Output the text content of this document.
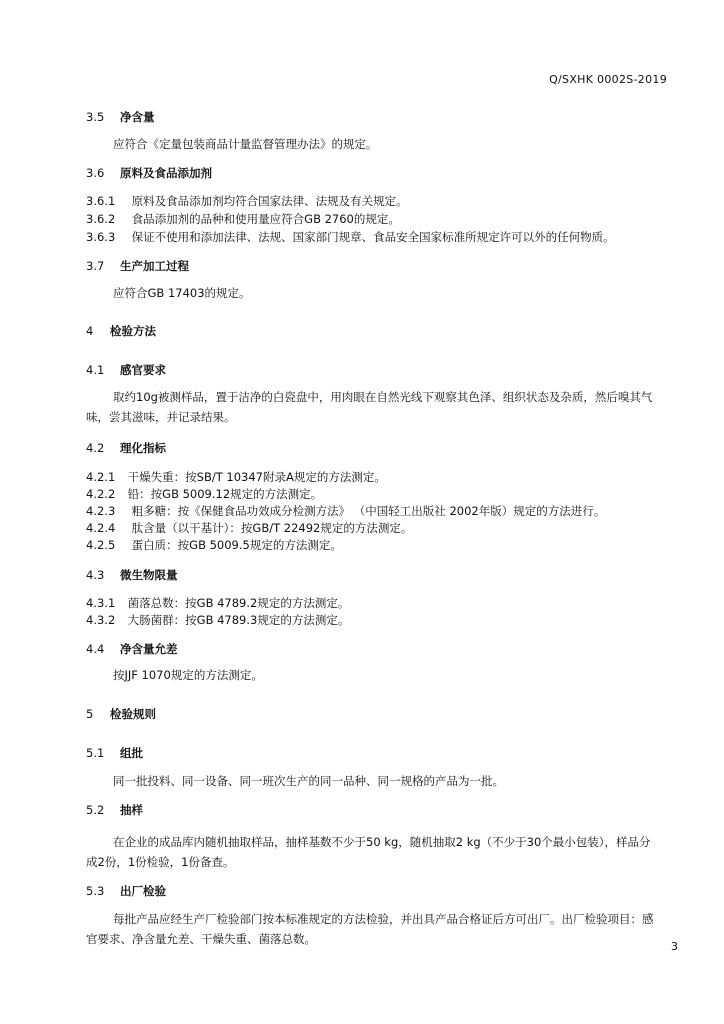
Q/SXHK 0002S-2019
3.5 净含量
应符合《定量包装商品计量监督管理办法》的规定。
3.6 原料及食品添加剂
3.6.1 原料及食品添加剂均符合国家法律、法规及有关规定。
3.6.2 食品添加剂的品种和使用量应符合GB 2760的规定。
3.6.3 保证不使用和添加法律、法规、国家部门规章、食品安全国家标准所规定许可以外的任何物质。
3.7 生产加工过程
应符合GB 17403的规定。
4 检验方法
4.1 感官要求
取约10g被测样品，置于洁净的白瓷盘中，用肉眼在自然光线下观察其色泽、组织状态及杂质，然后嗅其气味，尝其滋味，并记录结果。
4.2 理化指标
4.2.1 干燥失重：按SB/T 10347附录A规定的方法测定。
4.2.2 铅：按GB 5009.12规定的方法测定。
4.2.3 粗多糖：按《保健食品功效成分检测方法》 （中国轻工出版社 2002年版）规定的方法进行。
4.2.4 肽含量（以干基计）：按GB/T 22492规定的方法测定。
4.2.5 蛋白质：按GB 5009.5规定的方法测定。
4.3 微生物限量
4.3.1 菌落总数：按GB 4789.2规定的方法测定。
4.3.2 大肠菌群：按GB 4789.3规定的方法测定。
4.4 净含量允差
按JJF 1070规定的方法测定。
5 检验规则
5.1 组批
同一批投料、同一设备、同一班次生产的同一品种、同一规格的产品为一批。
5.2 抽样
在企业的成品库内随机抽取样品，抽样基数不少于50 kg，随机抽取2 kg（不少于30个最小包装），样品分成2份，1份检验，1份备查。
5.3 出厂检验
每批产品应经生产厂检验部门按本标准规定的方法检验，并出具产品合格证后方可出厂。出厂检验项目：感官要求、净含量允差、干燥失重、菌落总数。
3
